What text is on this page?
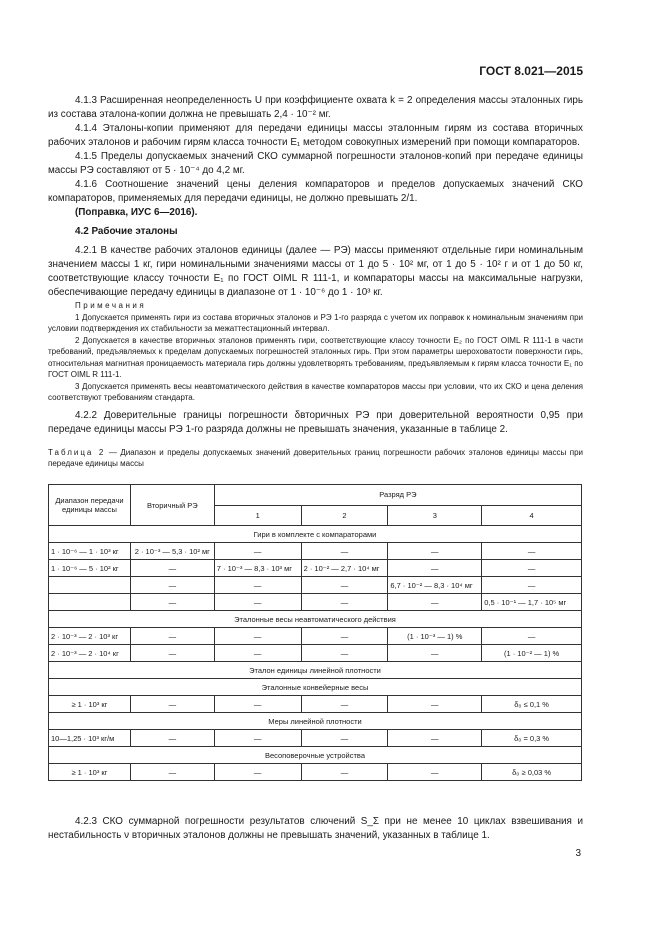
ГОСТ 8.021—2015

4.1.3 Расширенная неопределенность U при коэффициенте охвата k = 2 определения массы эталонных гирь из состава эталона-копии должна не превышать 2,4 · 10⁻² мг.

4.1.4 Эталоны-копии применяют для передачи единицы массы эталонным гирям из состава вторичных рабочих эталонов и рабочим гирям класса точности E₁ методом совокупных измерений при помощи компараторов.

4.1.5 Пределы допускаемых значений СКО суммарной погрешности эталонов-копий при передаче единицы массы РЭ составляют от 5 · 10⁻⁴ до 4,2 мг.

4.1.6 Соотношение значений цены деления компараторов и пределов допускаемых значений СКО компараторов, применяемых для передачи единицы, не должно превышать 2/1.

(Поправка, ИУС 6—2016).

4.2 Рабочие эталоны

4.2.1 В качестве рабочих эталонов единицы (далее — РЭ) массы применяют отдельные гири номинальным значением массы 1 кг, гири номинальными значениями массы от 1 до 5 · 10² мг, от 1 до 5 · 10² г и от 1 до 50 кг, соответствующие классу точности E₁ по ГОСТ OIML R 111-1, и компараторы массы на максимальные нагрузки, обеспечивающие передачу единицы в диапазоне от 1 · 10⁻⁶ до 1 · 10³ кг.

Примечания

1 Допускается применять гири из состава вторичных эталонов и РЭ 1-го разряда с учетом их поправок к номинальным значениям при условии подтверждения их стабильности за межаттестационный интервал.

2 Допускается в качестве вторичных эталонов применять гири, соответствующие классу точности E₂ по ГОСТ OIML R 111-1 в части требований, предъявляемых к пределам допускаемых погрешностей эталонных гирь. При этом параметры шероховатости поверхности гирь, относительная магнитная проницаемость материала гирь должны удовлетворять требованиям, предъявляемым к гирям класса точности E₁ по ГОСТ OIML R 111-1.

3 Допускается применять весы неавтоматического действия в качестве компараторов массы при условии, что их СКО и цена деления соответствуют требованиям стандарта.

4.2.2 Доверительные границы погрешности δвторичных РЭ при доверительной вероятности 0,95 при передаче единицы массы РЭ 1-го разряда должны не превышать значения, указанные в таблице 2.

Таблица 2 — Диапазон и пределы допускаемых значений доверительных границ погрешности рабочих эталонов единицы массы при передаче единицы массы

Диапазон передачи единицы массы	Вторичный РЭ	Разряд РЭ			
		1	2	3	4
Гири в комплекте с компараторами					
1 · 10⁻⁶ — 1 · 10³ кг	2 · 10⁻³ — 5,3 · 10² мг	—	—	—	—
1 · 10⁻⁶ — 5 · 10² кг	—	7 · 10⁻³ — 8,3 · 10³ мг	2 · 10⁻² — 2,7 · 10⁴ мг	—	—
	—	—	—	6,7 · 10⁻² — 8,3 · 10⁴ мг	—
	—	—	—	—	0,5 · 10⁻¹ — 1,7 · 10⁵ мг
Эталонные весы неавтоматического действия					
2 · 10⁻³ — 2 · 10³ кг	—	—	—	(1 · 10⁻³ — 1) %	—
2 · 10⁻³ — 2 · 10⁴ кг	—	—	—	—	(1 · 10⁻² — 1) %
Эталон единицы линейной плотности					
Эталонные конвейерные весы					
≥ 1 · 10³ кг	—	—	—	—	δ₀ ≤ 0,1 %
Меры линейной плотности					
10—1,25 · 10³ кг/м	—	—	—	—	δ₀ = 0,3 %
Весоповерочные устройства					
≥ 1 · 10³ кг	—	—	—	—	δ₀ ≥ 0,03 %

4.2.3 СКО суммарной погрешности результатов слючений S_Σ при не менее 10 циклах взвешивания и нестабильность ν вторичных эталонов должны не превышать значений, указанных в таблице 1.

3
